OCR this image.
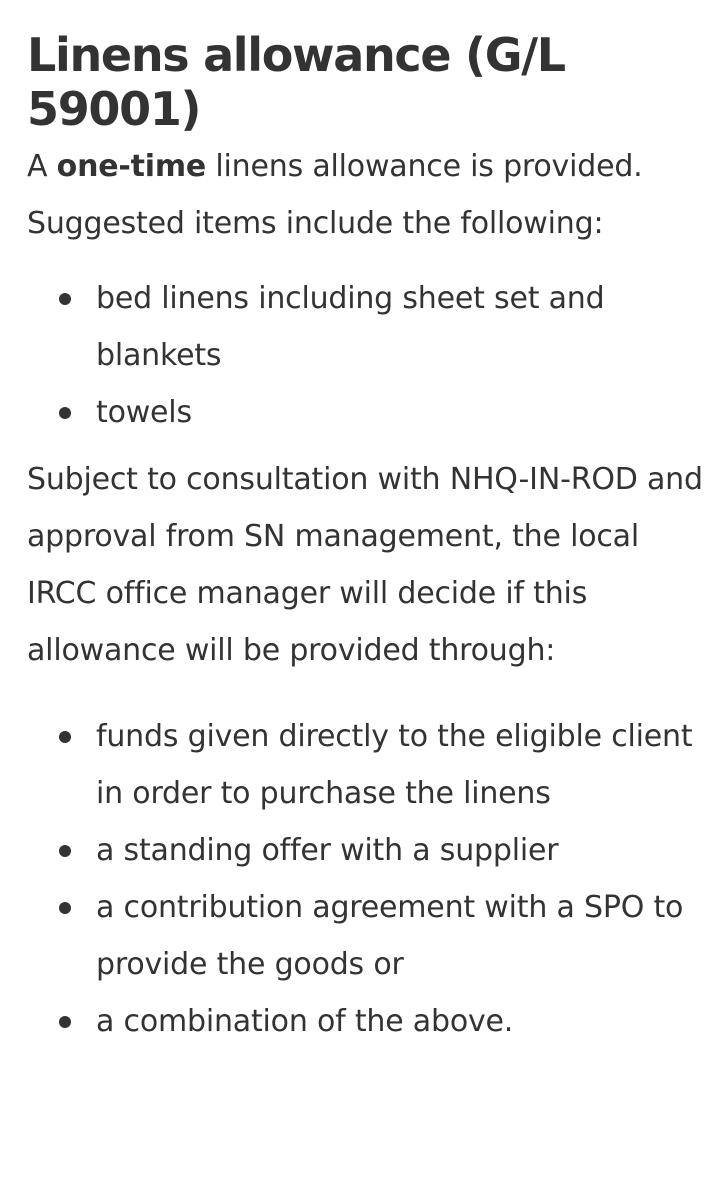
Linens allowance (G/L 59001)

A one-time linens allowance is provided. Suggested items include the following:

bed linens including sheet set and blankets
towels

Subject to consultation with NHQ-IN-ROD and approval from SN management, the local IRCC office manager will decide if this allowance will be provided through:

funds given directly to the eligible client in order to purchase the linens
a standing offer with a supplier
a contribution agreement with a SPO to provide the goods or
a combination of the above.
